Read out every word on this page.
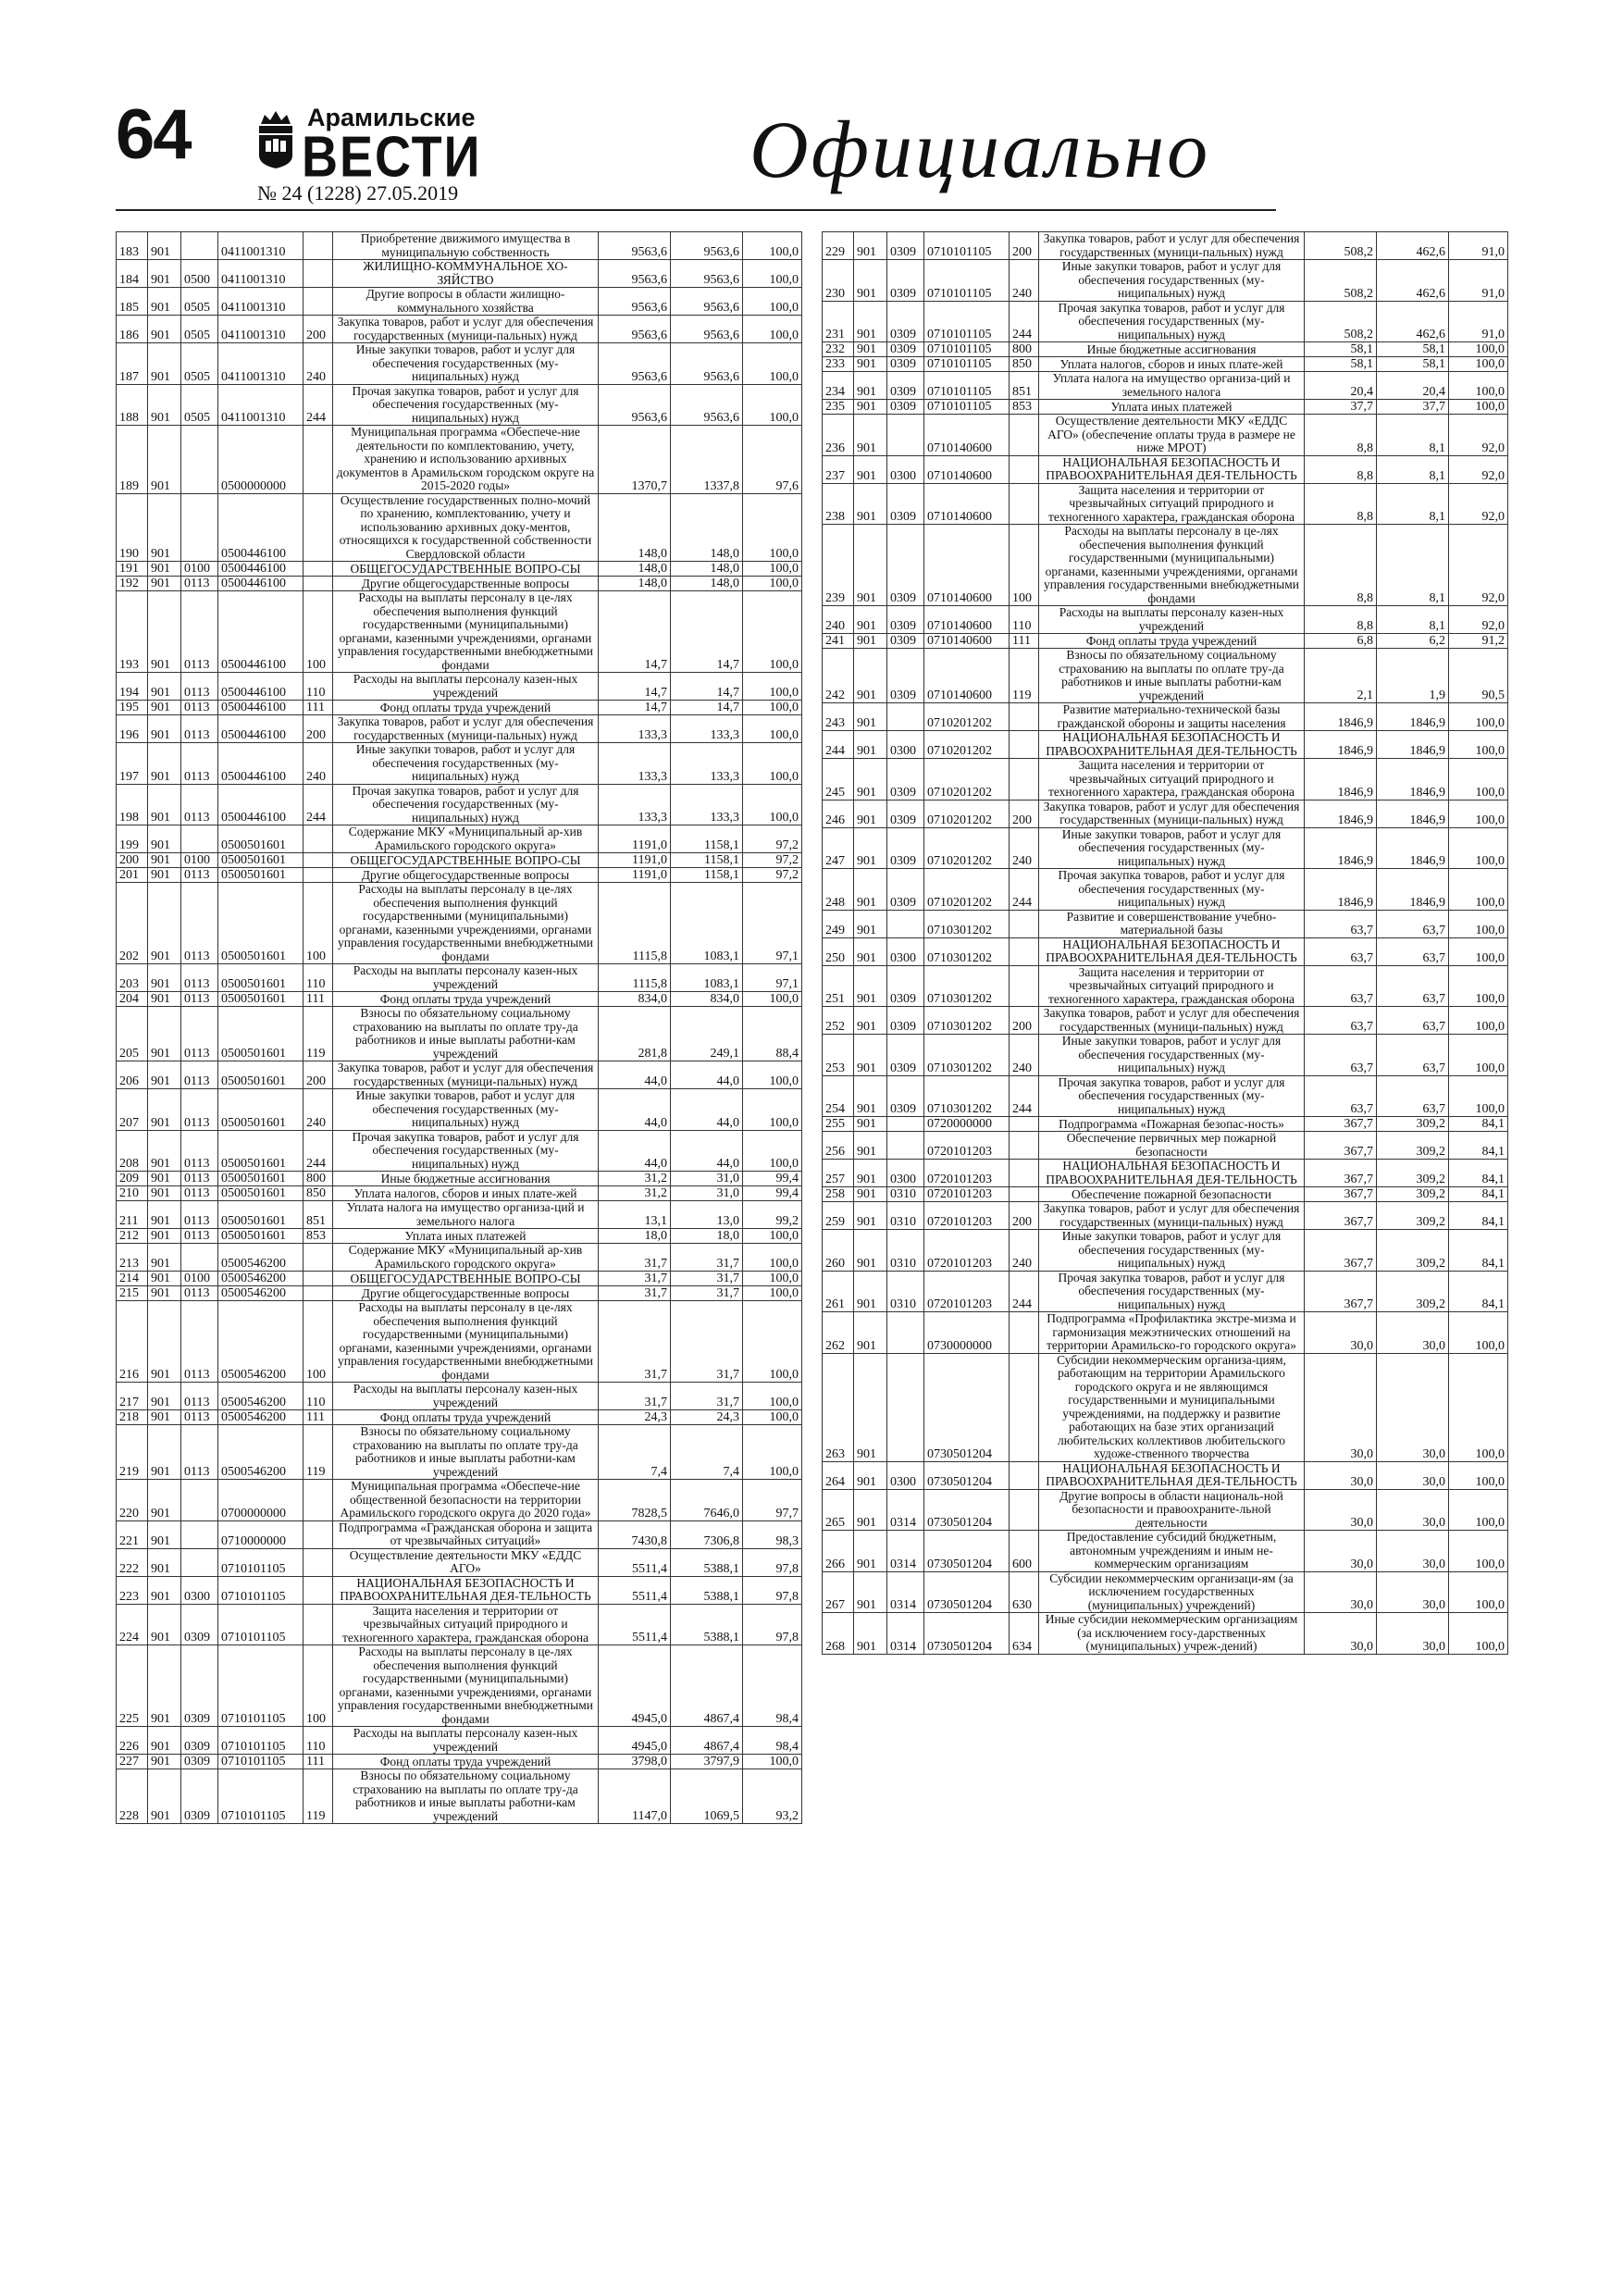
64	Арамильские
ВЕСТИ
№ 24 (1228) 27.05.2019	Официально
183	901		0411001310		Приобретение движимого имущества в муниципальную собственность	9563,6	9563,6	100,0
184	901	0500	0411001310		ЖИЛИЩНО-КОММУНАЛЬНОЕ ХО-ЗЯЙСТВО	9563,6	9563,6	100,0
185	901	0505	0411001310		Другие вопросы в области жилищно-коммунального хозяйства	9563,6	9563,6	100,0
186	901	0505	0411001310	200	Закупка товаров, работ и услуг для обеспечения государственных (муници-пальных) нужд	9563,6	9563,6	100,0
187	901	0505	0411001310	240	Иные закупки товаров, работ и услуг для обеспечения государственных (му-ниципальных) нужд	9563,6	9563,6	100,0
188	901	0505	0411001310	244	Прочая закупка товаров, работ и услуг для обеспечения государственных (му-ниципальных) нужд	9563,6	9563,6	100,0
189	901		0500000000		Муниципальная программа «Обеспече-ние деятельности по комплектованию, учету, хранению и использованию архивных документов в Арамильском городском округе на 2015-2020 годы»	1370,7	1337,8	97,6
190	901		0500446100		Осуществление государственных полно-мочий по хранению, комплектованию, учету и использованию архивных доку-ментов, относящихся к государственной собственности Свердловской области	148,0	148,0	100,0
191	901	0100	0500446100		ОБЩЕГОСУДАРСТВЕННЫЕ ВОПРО-СЫ	148,0	148,0	100,0
192	901	0113	0500446100		Другие общегосударственные вопросы	148,0	148,0	100,0
193	901	0113	0500446100	100	Расходы на выплаты персоналу в це-лях обеспечения выполнения функций государственными (муниципальными) органами, казенными учреждениями, органами управления государственными внебюджетными фондами	14,7	14,7	100,0
194	901	0113	0500446100	110	Расходы на выплаты персоналу казен-ных учреждений	14,7	14,7	100,0
195	901	0113	0500446100	111	Фонд оплаты труда учреждений	14,7	14,7	100,0
196	901	0113	0500446100	200	Закупка товаров, работ и услуг для обеспечения государственных (муници-пальных) нужд	133,3	133,3	100,0
197	901	0113	0500446100	240	Иные закупки товаров, работ и услуг для обеспечения государственных (му-ниципальных) нужд	133,3	133,3	100,0
198	901	0113	0500446100	244	Прочая закупка товаров, работ и услуг для обеспечения государственных (му-ниципальных) нужд	133,3	133,3	100,0
199	901		0500501601		Содержание МКУ «Муниципальный ар-хив Арамильского городского округа»	1191,0	1158,1	97,2
200	901	0100	0500501601		ОБЩЕГОСУДАРСТВЕННЫЕ ВОПРО-СЫ	1191,0	1158,1	97,2
201	901	0113	0500501601		Другие общегосударственные вопросы	1191,0	1158,1	97,2
202	901	0113	0500501601	100	Расходы на выплаты персоналу в це-лях обеспечения выполнения функций государственными (муниципальными) органами, казенными учреждениями, органами управления государственными внебюджетными фондами	1115,8	1083,1	97,1
203	901	0113	0500501601	110	Расходы на выплаты персоналу казен-ных учреждений	1115,8	1083,1	97,1
204	901	0113	0500501601	111	Фонд оплаты труда учреждений	834,0	834,0	100,0
205	901	0113	0500501601	119	Взносы по обязательному социальному страхованию на выплаты по оплате тру-да работников и иные выплаты работни-кам учреждений	281,8	249,1	88,4
206	901	0113	0500501601	200	Закупка товаров, работ и услуг для обеспечения государственных (муници-пальных) нужд	44,0	44,0	100,0
207	901	0113	0500501601	240	Иные закупки товаров, работ и услуг для обеспечения государственных (му-ниципальных) нужд	44,0	44,0	100,0
208	901	0113	0500501601	244	Прочая закупка товаров, работ и услуг для обеспечения государственных (му-ниципальных) нужд	44,0	44,0	100,0
209	901	0113	0500501601	800	Иные бюджетные ассигнования	31,2	31,0	99,4
210	901	0113	0500501601	850	Уплата налогов, сборов и иных плате-жей	31,2	31,0	99,4
211	901	0113	0500501601	851	Уплата налога на имущество организа-ций и земельного налога	13,1	13,0	99,2
212	901	0113	0500501601	853	Уплата иных платежей	18,0	18,0	100,0
213	901		0500546200		Содержание МКУ «Муниципальный ар-хив Арамильского городского округа»	31,7	31,7	100,0
214	901	0100	0500546200		ОБЩЕГОСУДАРСТВЕННЫЕ ВОПРО-СЫ	31,7	31,7	100,0
215	901	0113	0500546200		Другие общегосударственные вопросы	31,7	31,7	100,0
216	901	0113	0500546200	100	Расходы на выплаты персоналу в це-лях обеспечения выполнения функций государственными (муниципальными) органами, казенными учреждениями, органами управления государственными внебюджетными фондами	31,7	31,7	100,0
217	901	0113	0500546200	110	Расходы на выплаты персоналу казен-ных учреждений	31,7	31,7	100,0
218	901	0113	0500546200	111	Фонд оплаты труда учреждений	24,3	24,3	100,0
219	901	0113	0500546200	119	Взносы по обязательному социальному страхованию на выплаты по оплате тру-да работников и иные выплаты работни-кам учреждений	7,4	7,4	100,0
220	901		0700000000		Муниципальная программа «Обеспече-ние общественной безопасности на территории Арамильского городского округа до 2020 года»	7828,5	7646,0	97,7
221	901		0710000000		Подпрограмма «Гражданская оборона и защита от чрезвычайных ситуаций»	7430,8	7306,8	98,3
222	901		0710101105		Осуществление деятельности МКУ «ЕДДС АГО»	5511,4	5388,1	97,8
223	901	0300	0710101105		НАЦИОНАЛЬНАЯ БЕЗОПАСНОСТЬ И ПРАВООХРАНИТЕЛЬНАЯ ДЕЯ-ТЕЛЬНОСТЬ	5511,4	5388,1	97,8
224	901	0309	0710101105		Защита населения и территории от чрезвычайных ситуаций природного и техногенного характера, гражданская оборона	5511,4	5388,1	97,8
225	901	0309	0710101105	100	Расходы на выплаты персоналу в це-лях обеспечения выполнения функций государственными (муниципальными) органами, казенными учреждениями, органами управления государственными внебюджетными фондами	4945,0	4867,4	98,4
226	901	0309	0710101105	110	Расходы на выплаты персоналу казен-ных учреждений	4945,0	4867,4	98,4
227	901	0309	0710101105	111	Фонд оплаты труда учреждений	3798,0	3797,9	100,0
228	901	0309	0710101105	119	Взносы по обязательному социальному страхованию на выплаты по оплате тру-да работников и иные выплаты работни-кам учреждений	1147,0	1069,5	93,2
229	901	0309	0710101105	200	Закупка товаров, работ и услуг для обеспечения государственных (муници-пальных) нужд	508,2	462,6	91,0
230	901	0309	0710101105	240	Иные закупки товаров, работ и услуг для обеспечения государственных (му-ниципальных) нужд	508,2	462,6	91,0
231	901	0309	0710101105	244	Прочая закупка товаров, работ и услуг для обеспечения государственных (му-ниципальных) нужд	508,2	462,6	91,0
232	901	0309	0710101105	800	Иные бюджетные ассигнования	58,1	58,1	100,0
233	901	0309	0710101105	850	Уплата налогов, сборов и иных плате-жей	58,1	58,1	100,0
234	901	0309	0710101105	851	Уплата налога на имущество организа-ций и земельного налога	20,4	20,4	100,0
235	901	0309	0710101105	853	Уплата иных платежей	37,7	37,7	100,0
236	901		0710140600		Осуществление деятельности МКУ «ЕДДС АГО» (обеспечение оплаты труда в размере не ниже МРОТ)	8,8	8,1	92,0
237	901	0300	0710140600		НАЦИОНАЛЬНАЯ БЕЗОПАСНОСТЬ И ПРАВООХРАНИТЕЛЬНАЯ ДЕЯ-ТЕЛЬНОСТЬ	8,8	8,1	92,0
238	901	0309	0710140600		Защита населения и территории от чрезвычайных ситуаций природного и техногенного характера, гражданская оборона	8,8	8,1	92,0
239	901	0309	0710140600	100	Расходы на выплаты персоналу в це-лях обеспечения выполнения функций государственными (муниципальными) органами, казенными учреждениями, органами управления государственными внебюджетными фондами	8,8	8,1	92,0
240	901	0309	0710140600	110	Расходы на выплаты персоналу казен-ных учреждений	8,8	8,1	92,0
241	901	0309	0710140600	111	Фонд оплаты труда учреждений	6,8	6,2	91,2
242	901	0309	0710140600	119	Взносы по обязательному социальному страхованию на выплаты по оплате тру-да работников и иные выплаты работни-кам учреждений	2,1	1,9	90,5
243	901		0710201202		Развитие материально-технической базы гражданской обороны и защиты населения	1846,9	1846,9	100,0
244	901	0300	0710201202		НАЦИОНАЛЬНАЯ БЕЗОПАСНОСТЬ И ПРАВООХРАНИТЕЛЬНАЯ ДЕЯ-ТЕЛЬНОСТЬ	1846,9	1846,9	100,0
245	901	0309	0710201202		Защита населения и территории от чрезвычайных ситуаций природного и техногенного характера, гражданская оборона	1846,9	1846,9	100,0
246	901	0309	0710201202	200	Закупка товаров, работ и услуг для обеспечения государственных (муници-пальных) нужд	1846,9	1846,9	100,0
247	901	0309	0710201202	240	Иные закупки товаров, работ и услуг для обеспечения государственных (му-ниципальных) нужд	1846,9	1846,9	100,0
248	901	0309	0710201202	244	Прочая закупка товаров, работ и услуг для обеспечения государственных (му-ниципальных) нужд	1846,9	1846,9	100,0
249	901		0710301202		Развитие и совершенствование учебно-материальной базы	63,7	63,7	100,0
250	901	0300	0710301202		НАЦИОНАЛЬНАЯ БЕЗОПАСНОСТЬ И ПРАВООХРАНИТЕЛЬНАЯ ДЕЯ-ТЕЛЬНОСТЬ	63,7	63,7	100,0
251	901	0309	0710301202		Защита населения и территории от чрезвычайных ситуаций природного и техногенного характера, гражданская оборона	63,7	63,7	100,0
252	901	0309	0710301202	200	Закупка товаров, работ и услуг для обеспечения государственных (муници-пальных) нужд	63,7	63,7	100,0
253	901	0309	0710301202	240	Иные закупки товаров, работ и услуг для обеспечения государственных (му-ниципальных) нужд	63,7	63,7	100,0
254	901	0309	0710301202	244	Прочая закупка товаров, работ и услуг для обеспечения государственных (му-ниципальных) нужд	63,7	63,7	100,0
255	901		0720000000		Подпрограмма «Пожарная безопас-ность»	367,7	309,2	84,1
256	901		0720101203		Обеспечение первичных мер пожарной безопасности	367,7	309,2	84,1
257	901	0300	0720101203		НАЦИОНАЛЬНАЯ БЕЗОПАСНОСТЬ И ПРАВООХРАНИТЕЛЬНАЯ ДЕЯ-ТЕЛЬНОСТЬ	367,7	309,2	84,1
258	901	0310	0720101203		Обеспечение пожарной безопасности	367,7	309,2	84,1
259	901	0310	0720101203	200	Закупка товаров, работ и услуг для обеспечения государственных (муници-пальных) нужд	367,7	309,2	84,1
260	901	0310	0720101203	240	Иные закупки товаров, работ и услуг для обеспечения государственных (му-ниципальных) нужд	367,7	309,2	84,1
261	901	0310	0720101203	244	Прочая закупка товаров, работ и услуг для обеспечения государственных (му-ниципальных) нужд	367,7	309,2	84,1
262	901		0730000000		Подпрограмма «Профилактика экстре-мизма и гармонизация межэтнических отношений на территории Арамильско-го городского округа»	30,0	30,0	100,0
263	901		0730501204		Субсидии некоммерческим организа-циям, работающим на территории Арамильского городского округа и не являющимся государственными и муниципальными учреждениями, на поддержку и развитие работающих на базе этих организаций любительских коллективов любительского художе-ственного творчества	30,0	30,0	100,0
264	901	0300	0730501204		НАЦИОНАЛЬНАЯ БЕЗОПАСНОСТЬ И ПРАВООХРАНИТЕЛЬНАЯ ДЕЯ-ТЕЛЬНОСТЬ	30,0	30,0	100,0
265	901	0314	0730501204		Другие вопросы в области националь-ной безопасности и правоохраните-льной деятельности	30,0	30,0	100,0
266	901	0314	0730501204	600	Предоставление субсидий бюджетным, автономным учреждениям и иным не-коммерческим организациям	30,0	30,0	100,0
267	901	0314	0730501204	630	Субсидии некоммерческим организаци-ям (за исключением государственных (муниципальных) учреждений)	30,0	30,0	100,0
268	901	0314	0730501204	634	Иные субсидии некоммерческим организациям (за исключением госу-дарственных (муниципальных) учреж-дений)	30,0	30,0	100,0
